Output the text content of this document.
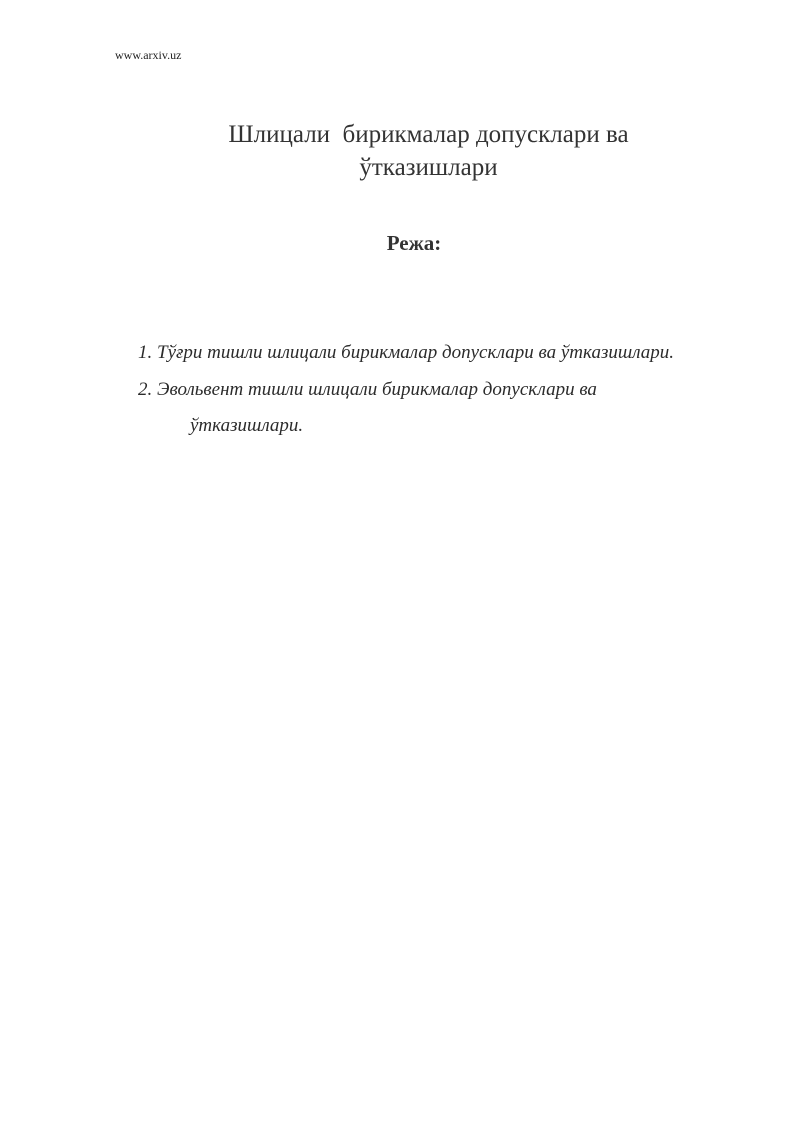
www.arxiv.uz
Шлицали  бирикмалар допусклари ва ўтказишлари
Режа:
1. Тўғри тишли шлицали бирикмалар допусклари ва ўтказишлари.
2. Эвольвент тишли шлицали бирикмалар допусклари ва ўтказишлари.
